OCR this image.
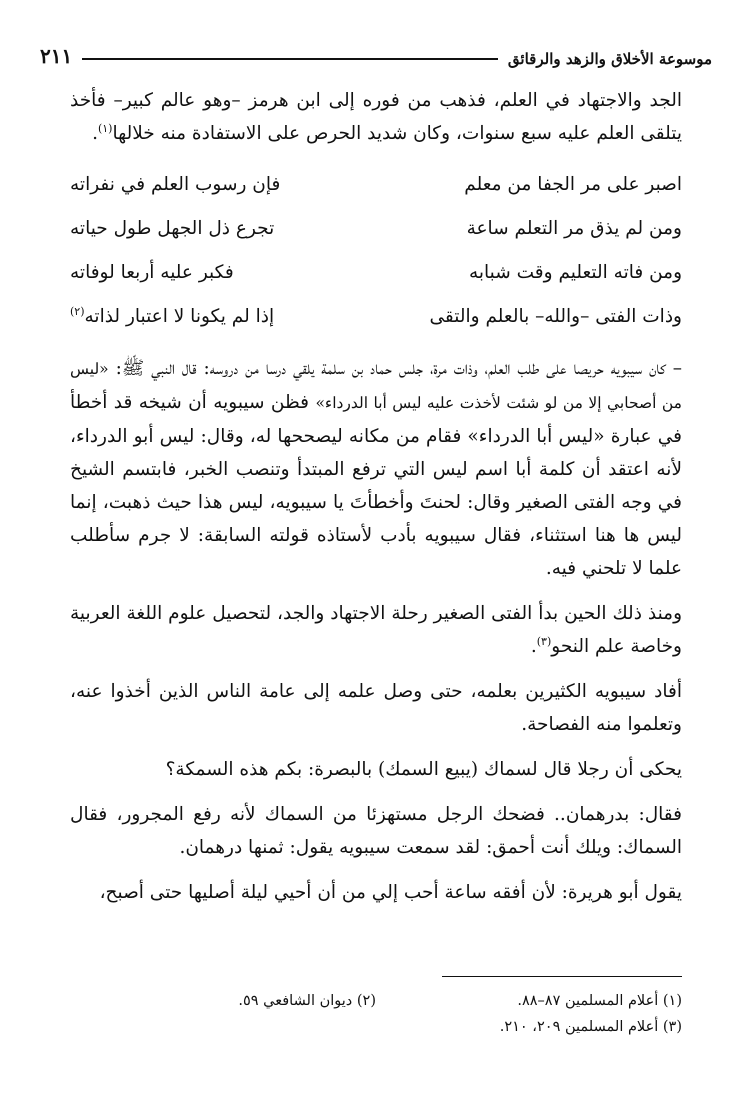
موسوعة الأخلاق والزهد والرقائق
٢١١

الجد والاجتهاد في العلم، فذهب من فوره إلى ابن هرمز –وهو عالم كبير– فأخذ يتلقى العلم عليه سبع سنوات، وكان شديد الحرص على الاستفادة منه خلالها$^{(١)}$.

اصبر على مر الجفا من معلم
فإن رسوب العلم في نفراته
ومن لم يذق مر التعلم ساعة
تجرع ذل الجهل طول حياته
ومن فاته التعليم وقت شبابه
فكبر عليه أربعا لوفاته
وذات الفتى –والله– بالعلم والتقى
إذا لم يكونا لا اعتبار لذاته$^{(٢)}$

– كان سيبويه حريصا على طلب العلم، وذات مرة، جلس حماد بن سلمة يلقي درسا من دروسه: قال النبي ﷺ: «ليس من أصحابي إلا من لو شئت لأخذت عليه ليس أبا الدرداء» فظن سيبويه أن شيخه قد أخطأ في عبارة «ليس أبا الدرداء» فقام من مكانه ليصححها له، وقال: ليس أبو الدرداء، لأنه اعتقد أن كلمة أبا اسم ليس التي ترفع المبتدأ وتنصب الخبر، فابتسم الشيخ في وجه الفتى الصغير وقال: لحنتَ وأخطأتَ يا سيبويه، ليس هذا حيث ذهبت، إنما ليس ها هنا استثناء، فقال سيبويه بأدب لأستاذه قولته السابقة: لا جرم سأطلب علما لا تلحني فيه.

ومنذ ذلك الحين بدأ الفتى الصغير رحلة الاجتهاد والجد، لتحصيل علوم اللغة العربية وخاصة علم النحو$^{(٣)}$.

أفاد سيبويه الكثيرين بعلمه، حتى وصل علمه إلى عامة الناس الذين أخذوا عنه، وتعلموا منه الفصاحة.

يحكى أن رجلا قال لسماك (يبيع السمك) بالبصرة: بكم هذه السمكة؟

فقال: بدرهمان.. فضحك الرجل مستهزئا من السماك لأنه رفع المجرور، فقال السماك: ويلك أنت أحمق: لقد سمعت سيبويه يقول: ثمنها درهمان.

يقول أبو هريرة: لأن أفقه ساعة أحب إلي من أن أحيي ليلة أصليها حتى أصبح،

(١) أعلام المسلمين ٨٧–٨٨.
(٢) ديوان الشافعي ٥٩.
(٣) أعلام المسلمين ٢٠٩، ٢١٠.
